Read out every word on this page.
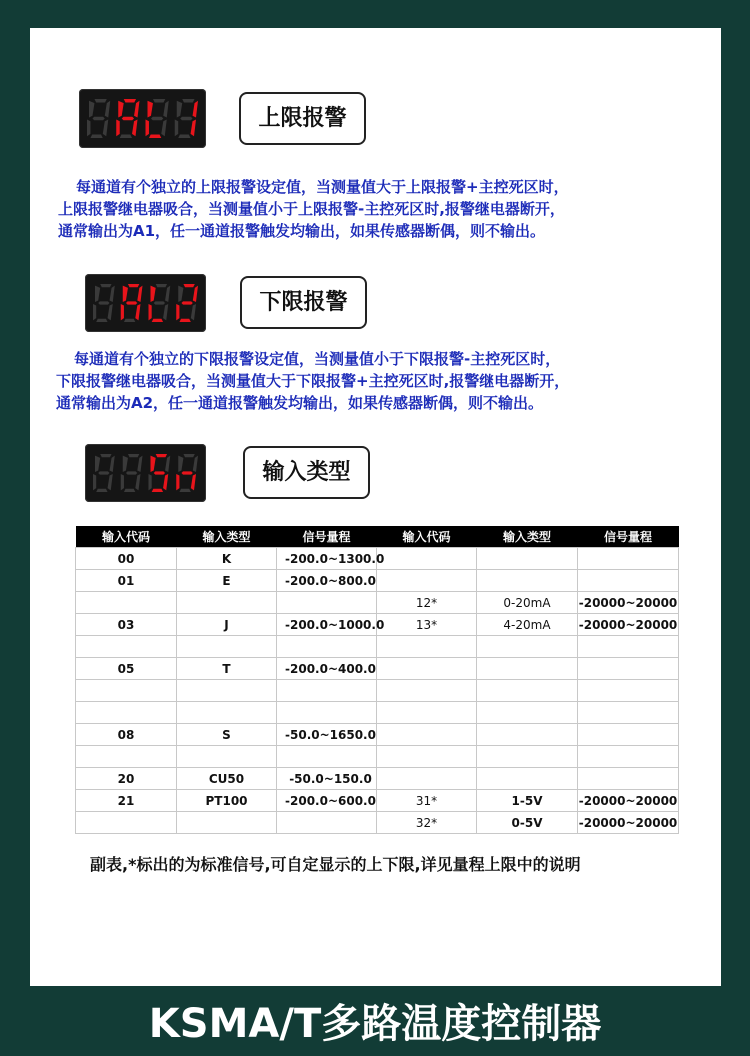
上限报警

每通道有个独立的上限报警设定值，当测量值大于上限报警+主控死区时，
上限报警继电器吸合，当测量值小于上限报警-主控死区时,报警继电器断开，
通常输出为A1，任一通道报警触发均输出，如果传感器断偶，则不输出。

下限报警

每通道有个独立的下限报警设定值，当测量值小于下限报警-主控死区时，
下限报警继电器吸合，当测量值大于下限报警+主控死区时,报警继电器断开，
通常输出为A2，任一通道报警触发均输出，如果传感器断偶，则不输出。

输入类型
输入代码	输入类型	信号量程	输入代码	输入类型	信号量程
00	K	-200.0~1300.0			
01	E	-200.0~800.0			
			12*	0-20mA	-20000~20000
03	J	-200.0~1000.0	13*	4-20mA	-20000~20000

05	T	-200.0~400.0			

08	S	-50.0~1650.0			

20	CU50	-50.0~150.0			
21	PT100	-200.0~600.0	31*	1-5V	-20000~20000
			32*	0-5V	-20000~20000
副表,*标出的为标准信号,可自定显示的上下限,详见量程上限中的说明
KSMA/T多路温度控制器
